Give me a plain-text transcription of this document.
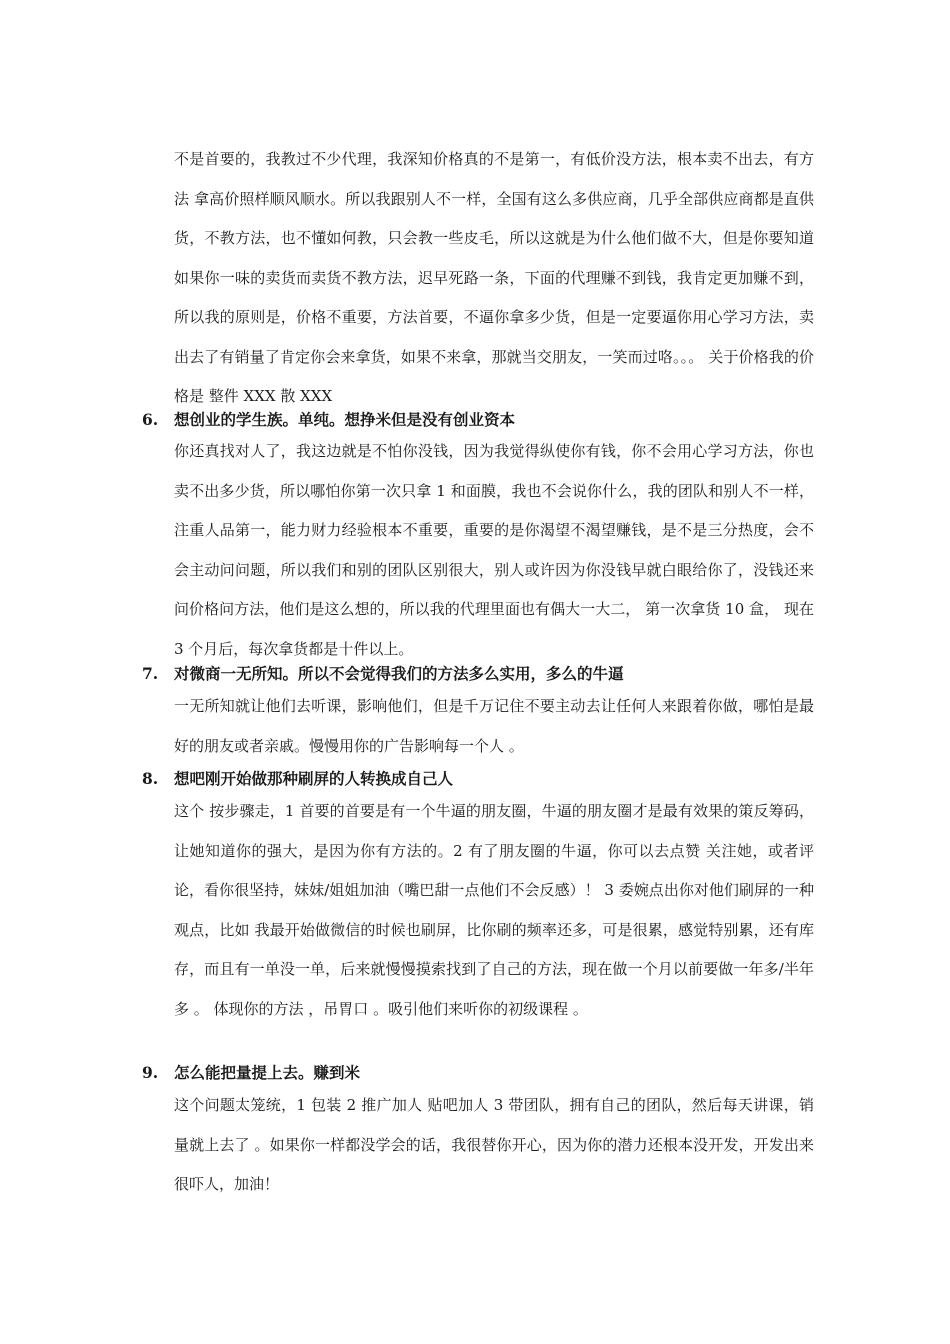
不是首要的，我教过不少代理，我深知价格真的不是第一，有低价没方法，根本卖不出去，有方法 拿高价照样顺风顺水。所以我跟别人不一样，全国有这么多供应商，几乎全部供应商都是直供货，不教方法，也不懂如何教，只会教一些皮毛，所以这就是为什么他们做不大，但是你要知道如果你一味的卖货而卖货不教方法，迟早死路一条，下面的代理赚不到钱，我肯定更加赚不到，所以我的原则是，价格不重要，方法首要，不逼你拿多少货，但是一定要逼你用心学习方法，卖出去了有销量了肯定你会来拿货，如果不来拿，那就当交朋友，一笑而过咯。。。 关于价格我的价格是 整件 XXX 散 XXX

6. 想创业的学生族。单纯。想挣米但是没有创业资本

你还真找对人了，我这边就是不怕你没钱，因为我觉得纵使你有钱，你不会用心学习方法，你也卖不出多少货，所以哪怕你第一次只拿 1 和面膜，我也不会说你什么，我的团队和别人不一样，注重人品第一，能力财力经验根本不重要，重要的是你渴望不渴望赚钱，是不是三分热度，会不会主动问问题，所以我们和别的团队区别很大，别人或许因为你没钱早就白眼给你了，没钱还来问价格问方法，他们是这么想的，所以我的代理里面也有偶大一大二， 第一次拿货 10 盒， 现在 3 个月后，每次拿货都是十件以上。

7. 对微商一无所知。所以不会觉得我们的方法多么实用，多么的牛逼

一无所知就让他们去听课，影响他们，但是千万记住不要主动去让任何人来跟着你做，哪怕是最好的朋友或者亲戚。慢慢用你的广告影响每一个人 。

8. 想吧刚开始做那种刷屏的人转换成自己人

这个 按步骤走，1 首要的首要是有一个牛逼的朋友圈，牛逼的朋友圈才是最有效果的策反筹码，让她知道你的强大，是因为你有方法的。2 有了朋友圈的牛逼，你可以去点赞 关注她，或者评论，看你很坚持，妹妹/姐姐加油（嘴巴甜一点他们不会反感）！ 3 委婉点出你对他们刷屏的一种观点，比如 我最开始做微信的时候也刷屏，比你刷的频率还多，可是很累，感觉特别累，还有库存，而且有一单没一单，后来就慢慢摸索找到了自己的方法，现在做一个月以前要做一年多/半年多 。 体现你的方法 ，吊胃口 。吸引他们来听你的初级课程 。

9. 怎么能把量提上去。赚到米

这个问题太笼统，1 包装 2 推广加人 贴吧加人 3 带团队，拥有自己的团队，然后每天讲课，销量就上去了 。如果你一样都没学会的话，我很替你开心，因为你的潜力还根本没开发，开发出来很吓人，加油！
